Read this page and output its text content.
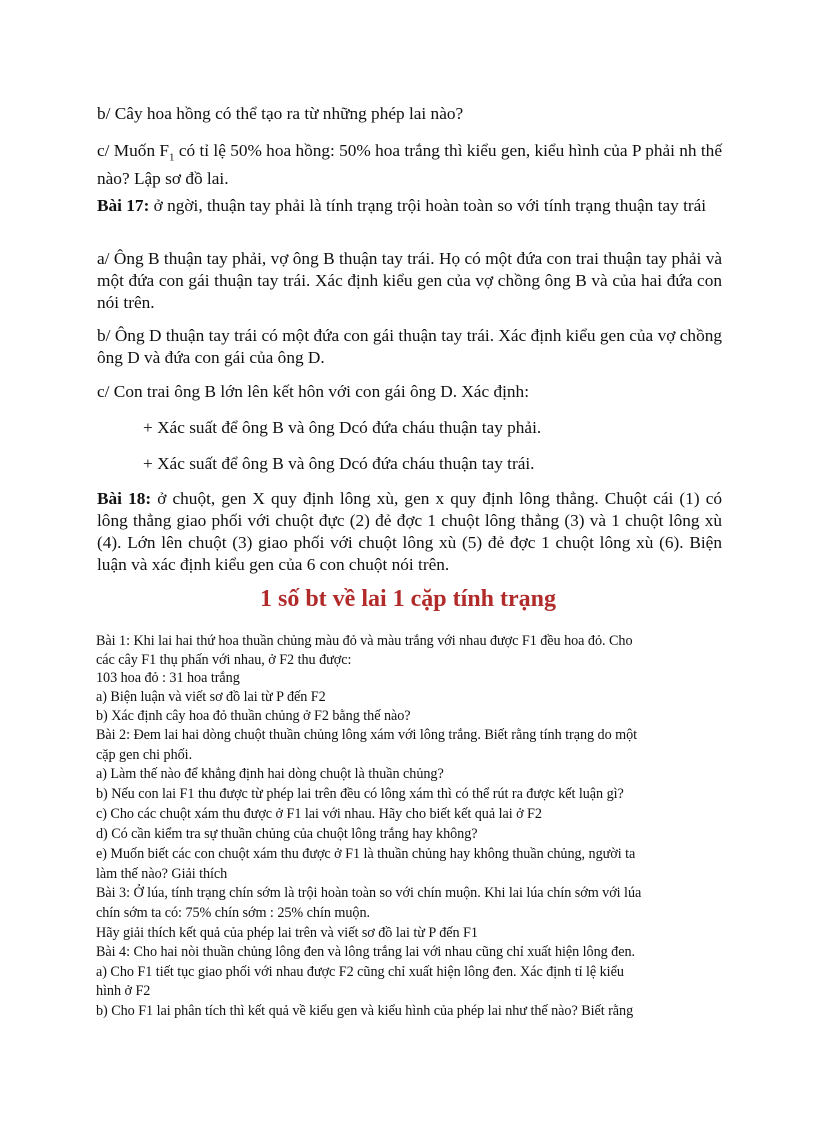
b/ Cây hoa hồng có thể tạo ra từ những phép lai nào?

c/ Muốn $F_1$ có tỉ lệ 50% hoa hồng: 50% hoa trắng thì kiểu gen, kiểu hình của P phải nh thế nào? Lập sơ đồ lai.

Bài 17: ở ngời, thuận tay phải là tính trạng trội hoàn toàn so với tính trạng thuận tay trái

a/ Ông B thuận tay phải, vợ ông B thuận tay trái. Họ có một đứa con trai thuận tay phải và một đứa con gái thuận tay trái. Xác định kiểu gen của vợ chồng ông B và của hai đứa con nói trên.

b/ Ông D thuận tay trái có một đứa con gái thuận tay trái. Xác định kiểu gen của vợ chồng ông D và đứa con gái của ông D.

c/ Con trai ông B lớn lên kết hôn với con gái ông D. Xác định:

+ Xác suất để ông B và ông Dcó đứa cháu thuận tay phải.

+ Xác suất để ông B và ông Dcó đứa cháu thuận tay trái.

Bài 18: ở chuột, gen X quy định lông xù, gen x quy định lông thẳng. Chuột cái (1) có lông thẳng giao phối với chuột đực (2) đẻ đợc 1 chuột lông thẳng (3) và 1 chuột lông xù (4). Lớn lên chuột (3) giao phối với chuột lông xù (5) đẻ đợc 1 chuột lông xù (6). Biện luận và xác định kiểu gen của 6 con chuột nói trên.

1 số bt về lai 1 cặp tính trạng

Bài 1: Khi lai hai thứ hoa thuần chủng màu đỏ và màu trắng với nhau được F1 đều hoa đỏ. Cho

các cây F1 thụ phấn với nhau, ở F2 thu được:

103 hoa đỏ : 31 hoa trắng

a) Biện luận và viết sơ đồ lai từ P đến F2

b) Xác định cây hoa đỏ thuần chủng ở F2 bằng thế nào?

Bài 2: Đem lai hai dòng chuột thuần chủng lông xám với lông trắng. Biết rằng tính trạng do một

cặp gen chi phối.

a) Làm thế nào để khẳng định hai dòng chuột là thuần chủng?

b) Nếu con lai F1 thu được từ phép lai trên đều có lông xám thì có thể rút ra được kết luận gì?

c) Cho các chuột xám thu được ở F1 lai với nhau. Hãy cho biết kết quả lai ở F2

d) Có cần kiểm tra sự thuần chủng của chuột lông trắng hay không?

e) Muốn biết các con chuột xám thu được ở F1 là thuần chủng hay không thuần chủng, người ta

làm thế nào? Giải thích

Bài 3: Ở lúa, tính trạng chín sớm là trội hoàn toàn so với chín muộn. Khi lai lúa chín sớm với lúa

chín sớm ta có: 75% chín sớm : 25% chín muộn.

Hãy giải thích kết quả của phép lai trên và viết sơ đồ lai từ P đến F1

Bài 4: Cho hai nòi thuần chủng lông đen và lông trắng lai với nhau cũng chỉ xuất hiện lông đen.

a) Cho F1 tiết tục giao phối với nhau được F2 cũng chỉ xuất hiện lông đen. Xác định tỉ lệ kiểu

hình ở F2

b) Cho F1 lai phân tích thì kết quả về kiểu gen và kiểu hình của phép lai như thế nào? Biết rằng
